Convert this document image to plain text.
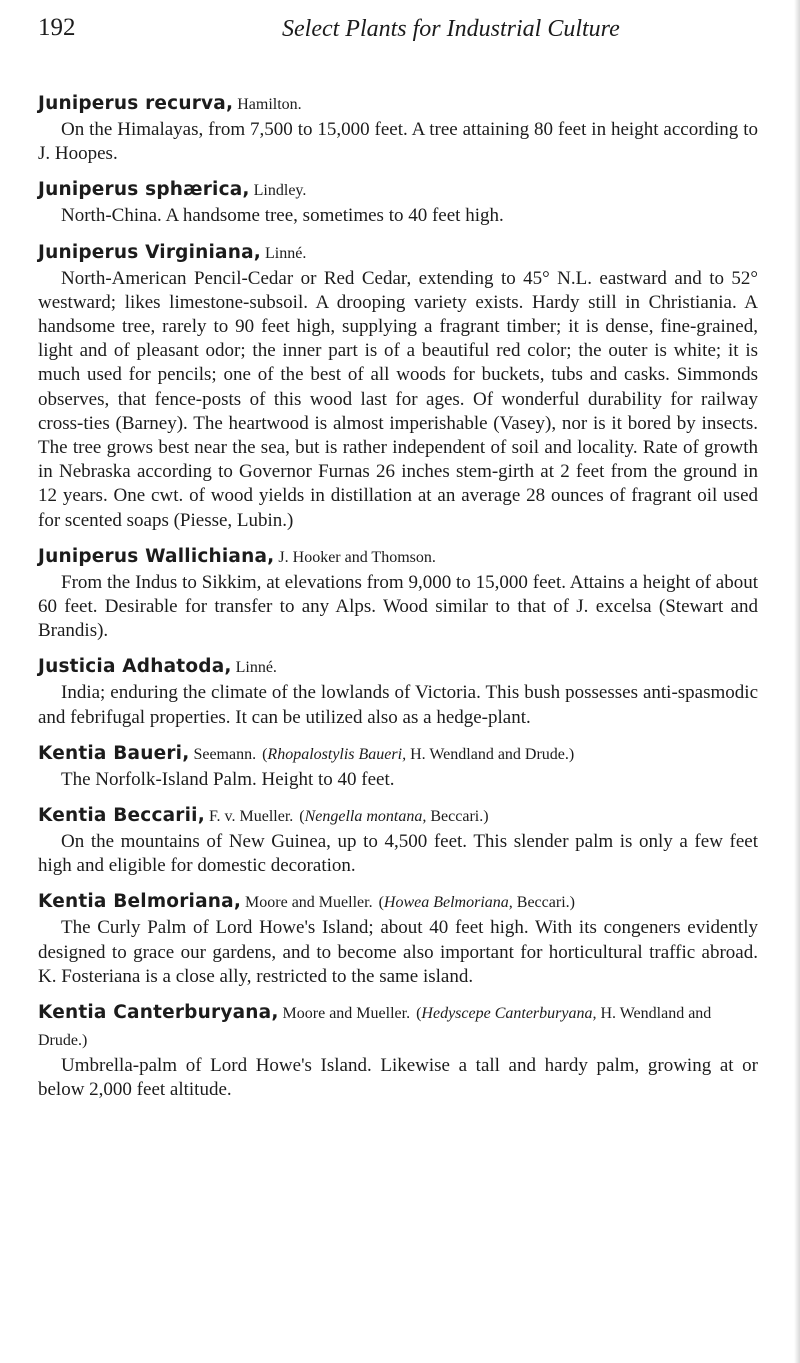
192	Select Plants for Industrial Culture
Juniperus recurva, Hamilton.

On the Himalayas, from 7,500 to 15,000 feet. A tree attaining 80 feet in height according to J. Hoopes.

Juniperus sphærica, Lindley.

North-China. A handsome tree, sometimes to 40 feet high.

Juniperus Virginiana, Linné.

North-American Pencil-Cedar or Red Cedar, extending to 45° N.L. eastward and to 52° westward; likes limestone-subsoil. A drooping variety exists. Hardy still in Christiania. A handsome tree, rarely to 90 feet high, supplying a fragrant timber; it is dense, fine-grained, light and of pleasant odor; the inner part is of a beautiful red color; the outer is white; it is much used for pencils; one of the best of all woods for buckets, tubs and casks. Simmonds observes, that fence-posts of this wood last for ages. Of wonderful durability for railway cross-ties (Barney). The heartwood is almost imperishable (Vasey), nor is it bored by insects. The tree grows best near the sea, but is rather independent of soil and locality. Rate of growth in Nebraska according to Governor Furnas 26 inches stem-girth at 2 feet from the ground in 12 years. One cwt. of wood yields in distillation at an average 28 ounces of fragrant oil used for scented soaps (Piesse, Lubin.)

Juniperus Wallichiana, J. Hooker and Thomson.

From the Indus to Sikkim, at elevations from 9,000 to 15,000 feet. Attains a height of about 60 feet. Desirable for transfer to any Alps. Wood similar to that of J. excelsa (Stewart and Brandis).

Justicia Adhatoda, Linné.

India; enduring the climate of the lowlands of Victoria. This bush possesses anti-spasmodic and febrifugal properties. It can be utilized also as a hedge-plant.

Kentia Baueri, Seemann. (Rhopalostylis Baueri, H. Wendland and Drude.)

The Norfolk-Island Palm. Height to 40 feet.

Kentia Beccarii, F. v. Mueller. (Nengella montana, Beccari.)

On the mountains of New Guinea, up to 4,500 feet. This slender palm is only a few feet high and eligible for domestic decoration.

Kentia Belmoriana, Moore and Mueller. (Howea Belmoriana, Beccari.)

The Curly Palm of Lord Howe's Island; about 40 feet high. With its congeners evidently designed to grace our gardens, and to become also important for horticultural traffic abroad. K. Fosteriana is a close ally, restricted to the same island.

Kentia Canterburyana, Moore and Mueller. (Hedyscepe Canterburyana, H. Wendland and Drude.)

Umbrella-palm of Lord Howe's Island. Likewise a tall and hardy palm, growing at or below 2,000 feet altitude.
